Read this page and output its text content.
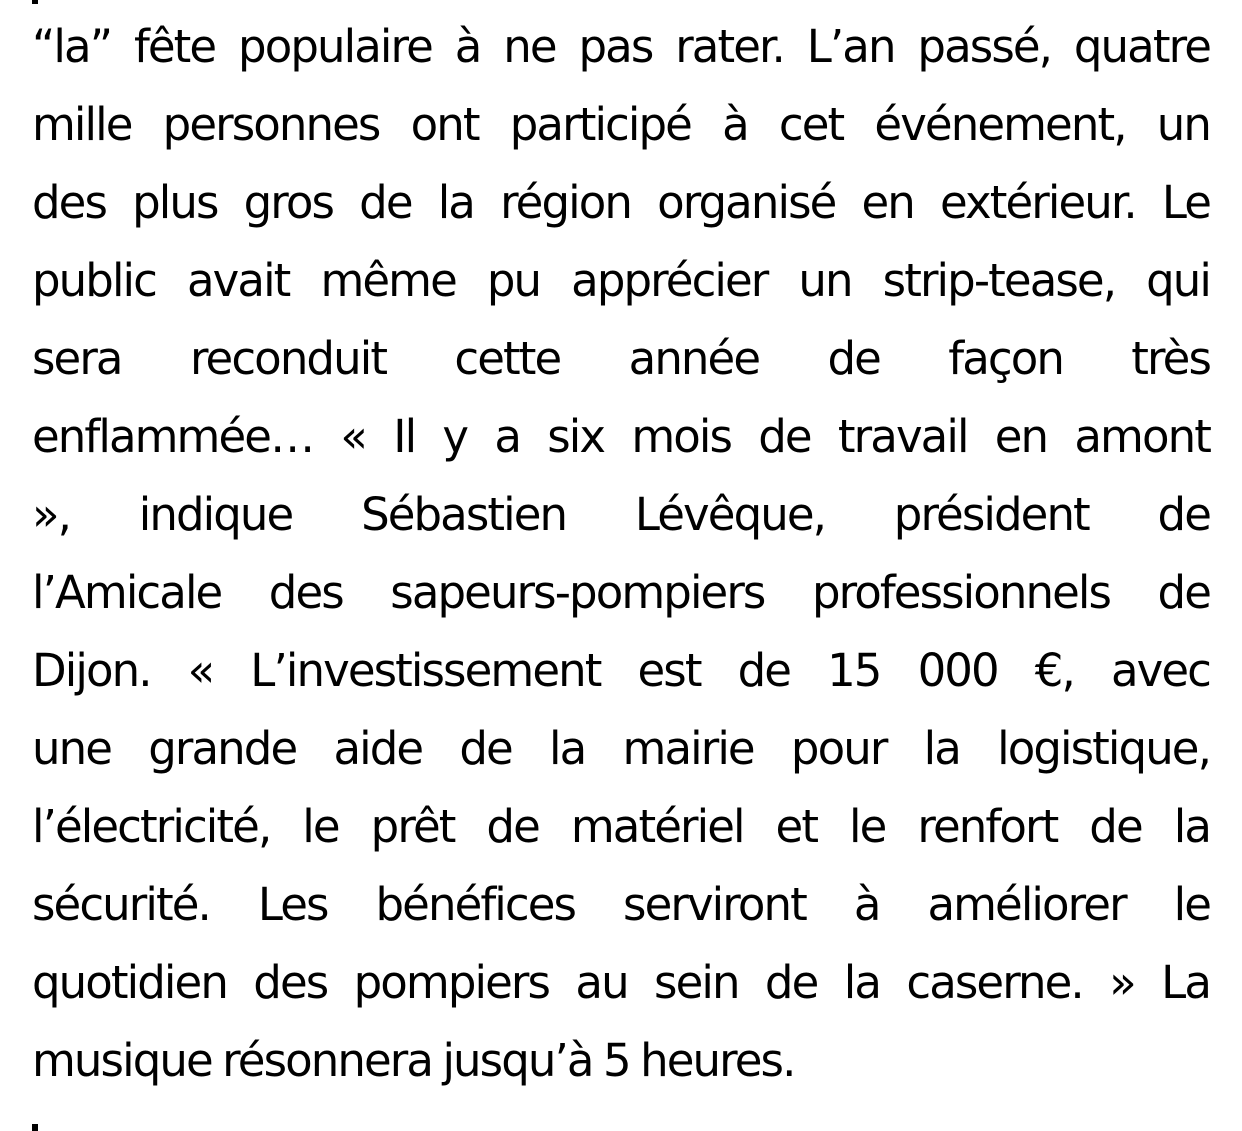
“la” fête populaire à ne pas rater. L’an passé, quatre
mille personnes ont participé à cet événement, un
des plus gros de la région organisé en extérieur. Le
public avait même pu apprécier un strip-tease, qui
sera reconduit cette année de façon très
enflammée… « Il y a six mois de travail en amont
», indique Sébastien Lévêque, président de
l’Amicale des sapeurs-pompiers professionnels de
Dijon. « L’investissement est de 15 000 €, avec
une grande aide de la mairie pour la logistique,
l’électricité, le prêt de matériel et le renfort de la
sécurité. Les bénéfices serviront à améliorer le
quotidien des pompiers au sein de la caserne. » La
musique résonnera jusqu’à 5 heures.
